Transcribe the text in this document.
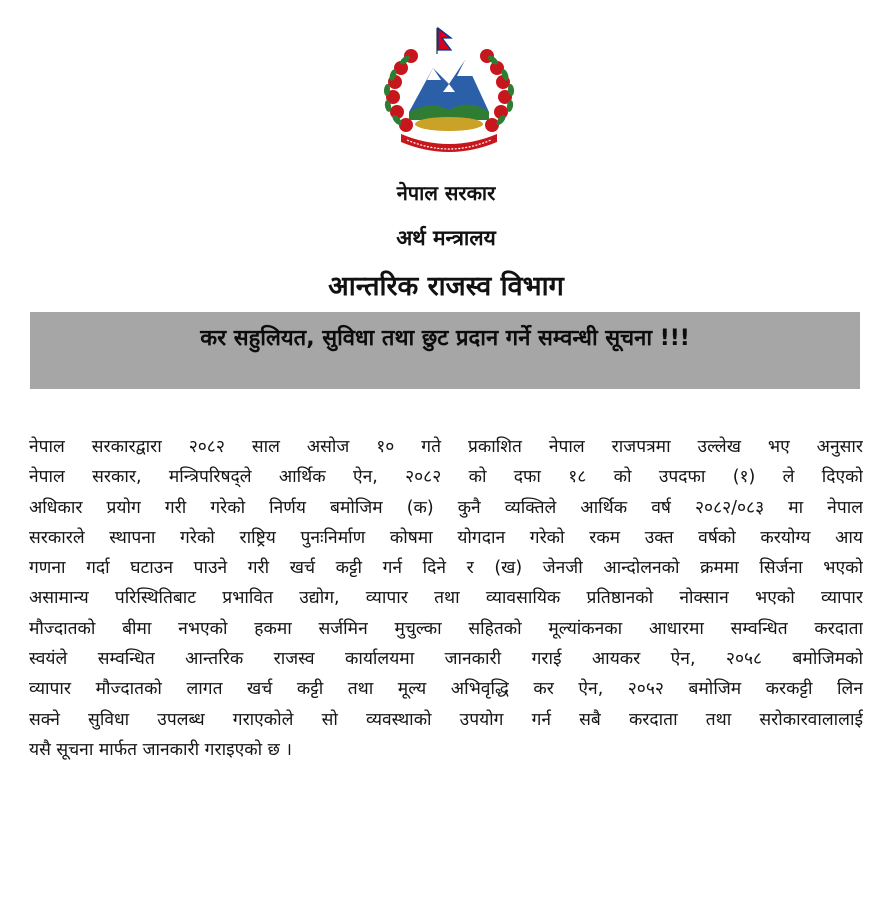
नेपाल सरकार
अर्थ मन्त्रालय
आन्तरिक राजस्व विभाग
कर सहुलियत, सुविधा तथा छुट प्रदान गर्ने सम्वन्धी सूचना !!!
नेपाल सरकारद्वारा २०८२ साल असोज १० गते प्रकाशित नेपाल राजपत्रमा उल्लेख भए अनुसार
नेपाल सरकार, मन्त्रिपरिषद्ले आर्थिक ऐन, २०८२ को दफा १८ को उपदफा (१) ले दिएको
अधिकार प्रयोग गरी गरेको निर्णय बमोजिम (क) कुनै व्यक्तिले आर्थिक वर्ष २०८२/०८३ मा नेपाल
सरकारले स्थापना गरेको राष्ट्रिय पुनःनिर्माण कोषमा योगदान गरेको रकम उक्त वर्षको करयोग्य आय
गणना गर्दा घटाउन पाउने गरी खर्च कट्टी गर्न दिने र (ख) जेनजी आन्दोलनको क्रममा सिर्जना भएको
असामान्य परिस्थितिबाट प्रभावित उद्योग, व्यापार तथा व्यावसायिक प्रतिष्ठानको नोक्सान भएको व्यापार
मौज्दातको बीमा नभएको हकमा सर्जमिन मुचुल्का सहितको मूल्यांकनका आधारमा सम्वन्धित करदाता
स्वयंले सम्वन्धित आन्तरिक राजस्व कार्यालयमा जानकारी गराई आयकर ऐन, २०५८ बमोजिमको
व्यापार मौज्दातको लागत खर्च कट्टी तथा मूल्य अभिवृद्धि कर ऐन, २०५२ बमोजिम करकट्टी लिन
सक्ने सुविधा उपलब्ध गराएकोले सो व्यवस्थाको उपयोग गर्न सबै करदाता तथा सरोकारवालालाई
यसै सूचना मार्फत जानकारी गराइएको छ ।
